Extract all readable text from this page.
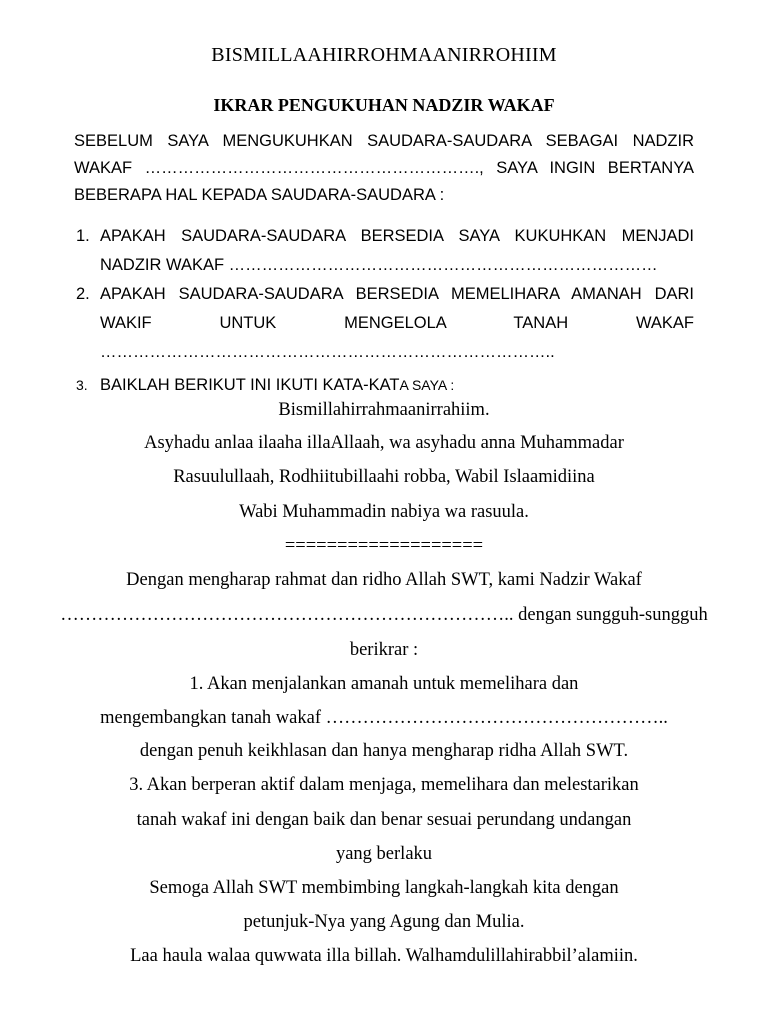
BISMILLAAHIRROHMAANIRROHIIM
IKRAR PENGUKUHAN NADZIR WAKAF
SEBELUM SAYA MENGUKUHKAN SAUDARA-SAUDARA SEBAGAI NADZIR
WAKAF ……………………………………………………., SAYA INGIN BERTANYA
BEBERAPA HAL KEPADA SAUDARA-SAUDARA :
1. APAKAH SAUDARA-SAUDARA BERSEDIA SAYA KUKUHKAN MENJADI
NADZIR WAKAF ……………………………………………………………………
2. APAKAH SAUDARA-SAUDARA BERSEDIA MEMELIHARA AMANAH DARI
WAKIF UNTUK MENGELOLA TANAH WAKAF
………………………………………………………………………..
3. BAIKLAH BERIKUT INI IKUTI KATA-KATA SAYA :
Bismillahirrahmaanirrahiim.
Asyhadu anlaa ilaaha illaAllaah, wa asyhadu anna Muhammadar
Rasuulullaah, Rodhiitubillaahi robba, Wabil Islaamidiina
Wabi Muhammadin nabiya wa rasuula.
===================
Dengan mengharap rahmat dan ridho Allah SWT, kami Nadzir Wakaf
……………………………………………………………….. dengan sungguh-sungguh
berikrar :
1. Akan menjalankan amanah untuk memelihara dan
mengembangkan tanah wakaf ………………………………………………..
dengan penuh keikhlasan dan hanya mengharap ridha Allah SWT.
3. Akan berperan aktif dalam menjaga, memelihara dan melestarikan
tanah wakaf ini dengan baik dan benar sesuai perundang undangan
yang berlaku
Semoga Allah SWT membimbing langkah-langkah kita dengan
petunjuk-Nya yang Agung dan Mulia.
Laa haula walaa quwwata illa billah. Walhamdulillahirabbil’alamiin.
